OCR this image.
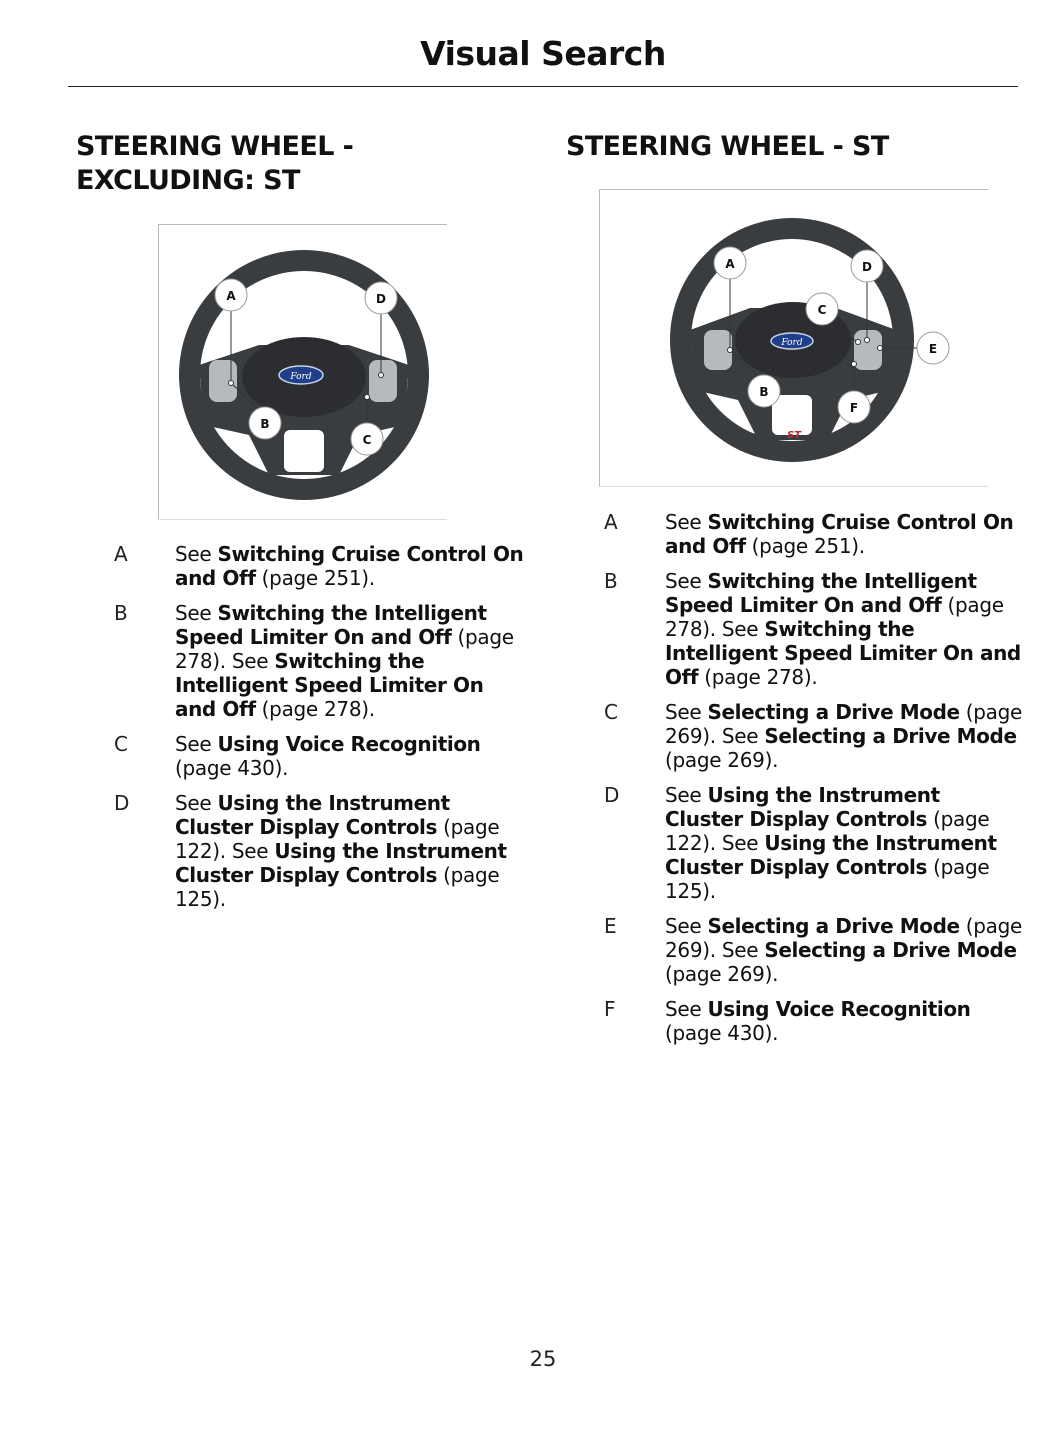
Visual Search
STEERING WHEEL -
EXCLUDING: ST
Ford
A
B
C
D
A	See Switching Cruise Control On and Off (page 251).
B	See Switching the Intelligent Speed Limiter On and Off (page 278). See Switching the Intelligent Speed Limiter On and Off (page 278).
C	See Using Voice Recognition (page 430).
D	See Using the Instrument Cluster Display Controls (page 122). See Using the Instrument Cluster Display Controls (page 125).
STEERING WHEEL - ST
Ford
ST
A
B
C
D
E
F
A	See Switching Cruise Control On and Off (page 251).
B	See Switching the Intelligent Speed Limiter On and Off (page 278). See Switching the Intelligent Speed Limiter On and Off (page 278).
C	See Selecting a Drive Mode (page 269). See Selecting a Drive Mode (page 269).
D	See Using the Instrument Cluster Display Controls (page 122). See Using the Instrument Cluster Display Controls (page 125).
E	See Selecting a Drive Mode (page 269). See Selecting a Drive Mode (page 269).
F	See Using Voice Recognition (page 430).
25
